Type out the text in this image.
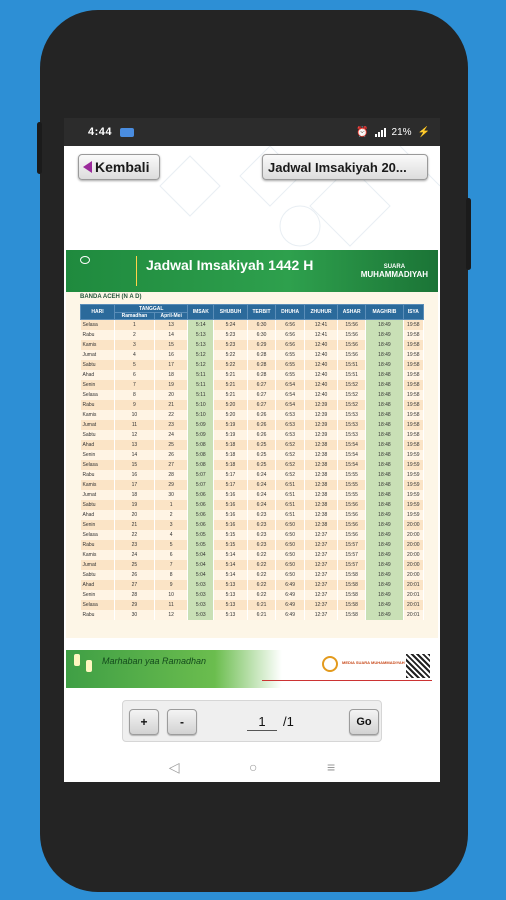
4:44	⏰ 21% ⚡
Kembali	Jadwal Imsakiyah 20...
Jadwal Imsakiyah 1442 H	SUARA
MUHAMMADIYAH
BANDA ACEH (N A D)
HARI	TANGGAL		IMSAK	SHUBUH	TERBIT	DHUHA	ZHUHUR	ASHAR	MAGHRIB	ISYA
	Ramadhan	April-Mei								
Selasa	1	13	5:14	5:24	6:30	6:56	12:41	15:56	18:49	19:58
Rabu	2	14	5:13	5:23	6:30	6:56	12:41	15:56	18:49	19:58
Kamis	3	15	5:13	5:23	6:29	6:56	12:40	15:56	18:49	19:58
Jumat	4	16	5:12	5:22	6:28	6:55	12:40	15:56	18:49	19:58
Sabtu	5	17	5:12	5:22	6:28	6:55	12:40	15:51	18:49	19:58
Ahad	6	18	5:11	5:21	6:28	6:55	12:40	15:51	18:48	19:58
Senin	7	19	5:11	5:21	6:27	6:54	12:40	15:52	18:48	19:58
Selasa	8	20	5:11	5:21	6:27	6:54	12:40	15:52	18:48	19:58
Rabu	9	21	5:10	5:20	6:27	6:54	12:39	15:52	18:48	19:58
Kamis	10	22	5:10	5:20	6:26	6:53	12:39	15:53	18:48	19:58
Jumat	11	23	5:09	5:19	6:26	6:53	12:39	15:53	18:48	19:58
Sabtu	12	24	5:09	5:19	6:26	6:53	12:39	15:53	18:48	19:58
Ahad	13	25	5:08	5:18	6:25	6:52	12:38	15:54	18:48	19:58
Senin	14	26	5:08	5:18	6:25	6:52	12:38	15:54	18:48	19:59
Selasa	15	27	5:08	5:18	6:25	6:52	12:38	15:54	18:48	19:59
Rabu	16	28	5:07	5:17	6:24	6:52	12:38	15:55	18:48	19:59
Kamis	17	29	5:07	5:17	6:24	6:51	12:38	15:55	18:48	19:59
Jumat	18	30	5:06	5:16	6:24	6:51	12:38	15:55	18:48	19:59
Sabtu	19	1	5:06	5:16	6:24	6:51	12:38	15:56	18:48	19:59
Ahad	20	2	5:06	5:16	6:23	6:51	12:38	15:56	18:49	19:59
Senin	21	3	5:06	5:16	6:23	6:50	12:38	15:56	18:49	20:00
Selasa	22	4	5:05	5:15	6:23	6:50	12:37	15:56	18:49	20:00
Rabu	23	5	5:05	5:15	6:23	6:50	12:37	15:57	18:49	20:00
Kamis	24	6	5:04	5:14	6:22	6:50	12:37	15:57	18:49	20:00
Jumat	25	7	5:04	5:14	6:22	6:50	12:37	15:57	18:49	20:00
Sabtu	26	8	5:04	5:14	6:22	6:50	12:37	15:58	18:49	20:00
Ahad	27	9	5:03	5:13	6:22	6:49	12:37	15:58	18:49	20:01
Senin	28	10	5:03	5:13	6:22	6:49	12:37	15:58	18:49	20:01
Selasa	29	11	5:03	5:13	6:21	6:49	12:37	15:58	18:49	20:01
Rabu	30	12	5:03	5:13	6:21	6:49	12:37	15:58	18:49	20:01
Marhaban yaa Ramadhan	MEDIA SUARA MUHAMMADIYAH
+	-
1	/1	Go
◁	○	≡
